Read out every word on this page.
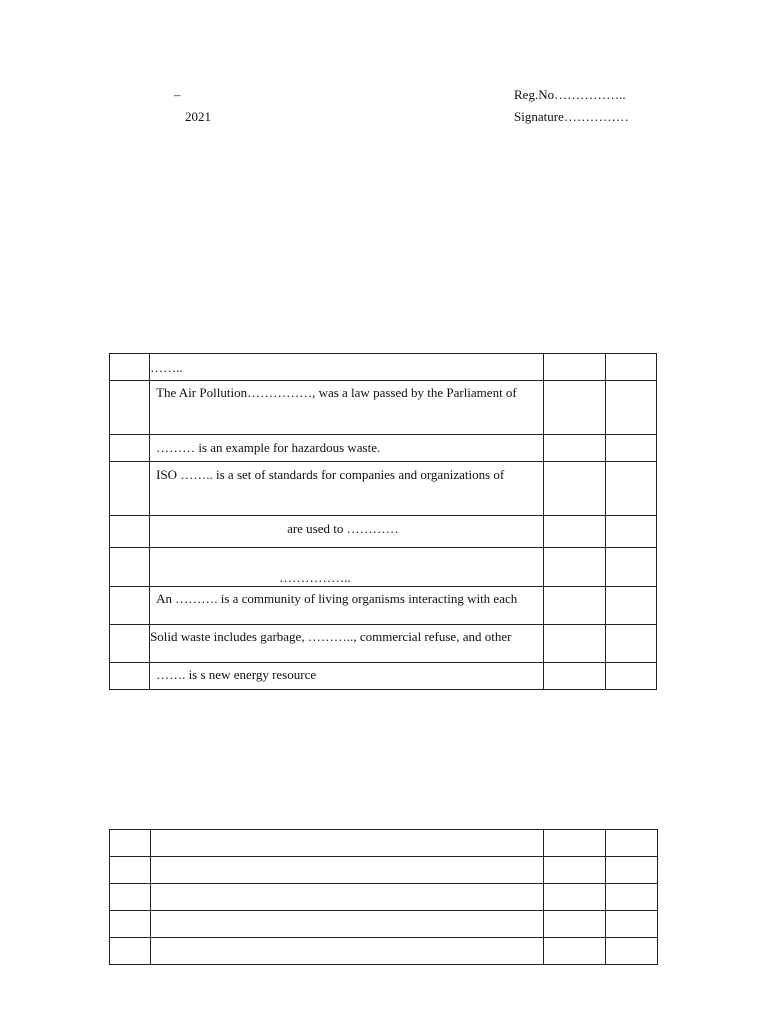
–
2021
Reg.No……………..
Signature……………

	……..		

	The Air Pollution……………, was a law passed by the Parliament of		

	……… is an example for hazardous waste.		

	ISO …….. is a set of standards for companies and organizations of		

	are used to …………		

	……………..		

	An ………. is a community of living organisms interacting with each		

	Solid waste includes garbage, ……….., commercial refuse, and other		

	……. is s new energy resource		
